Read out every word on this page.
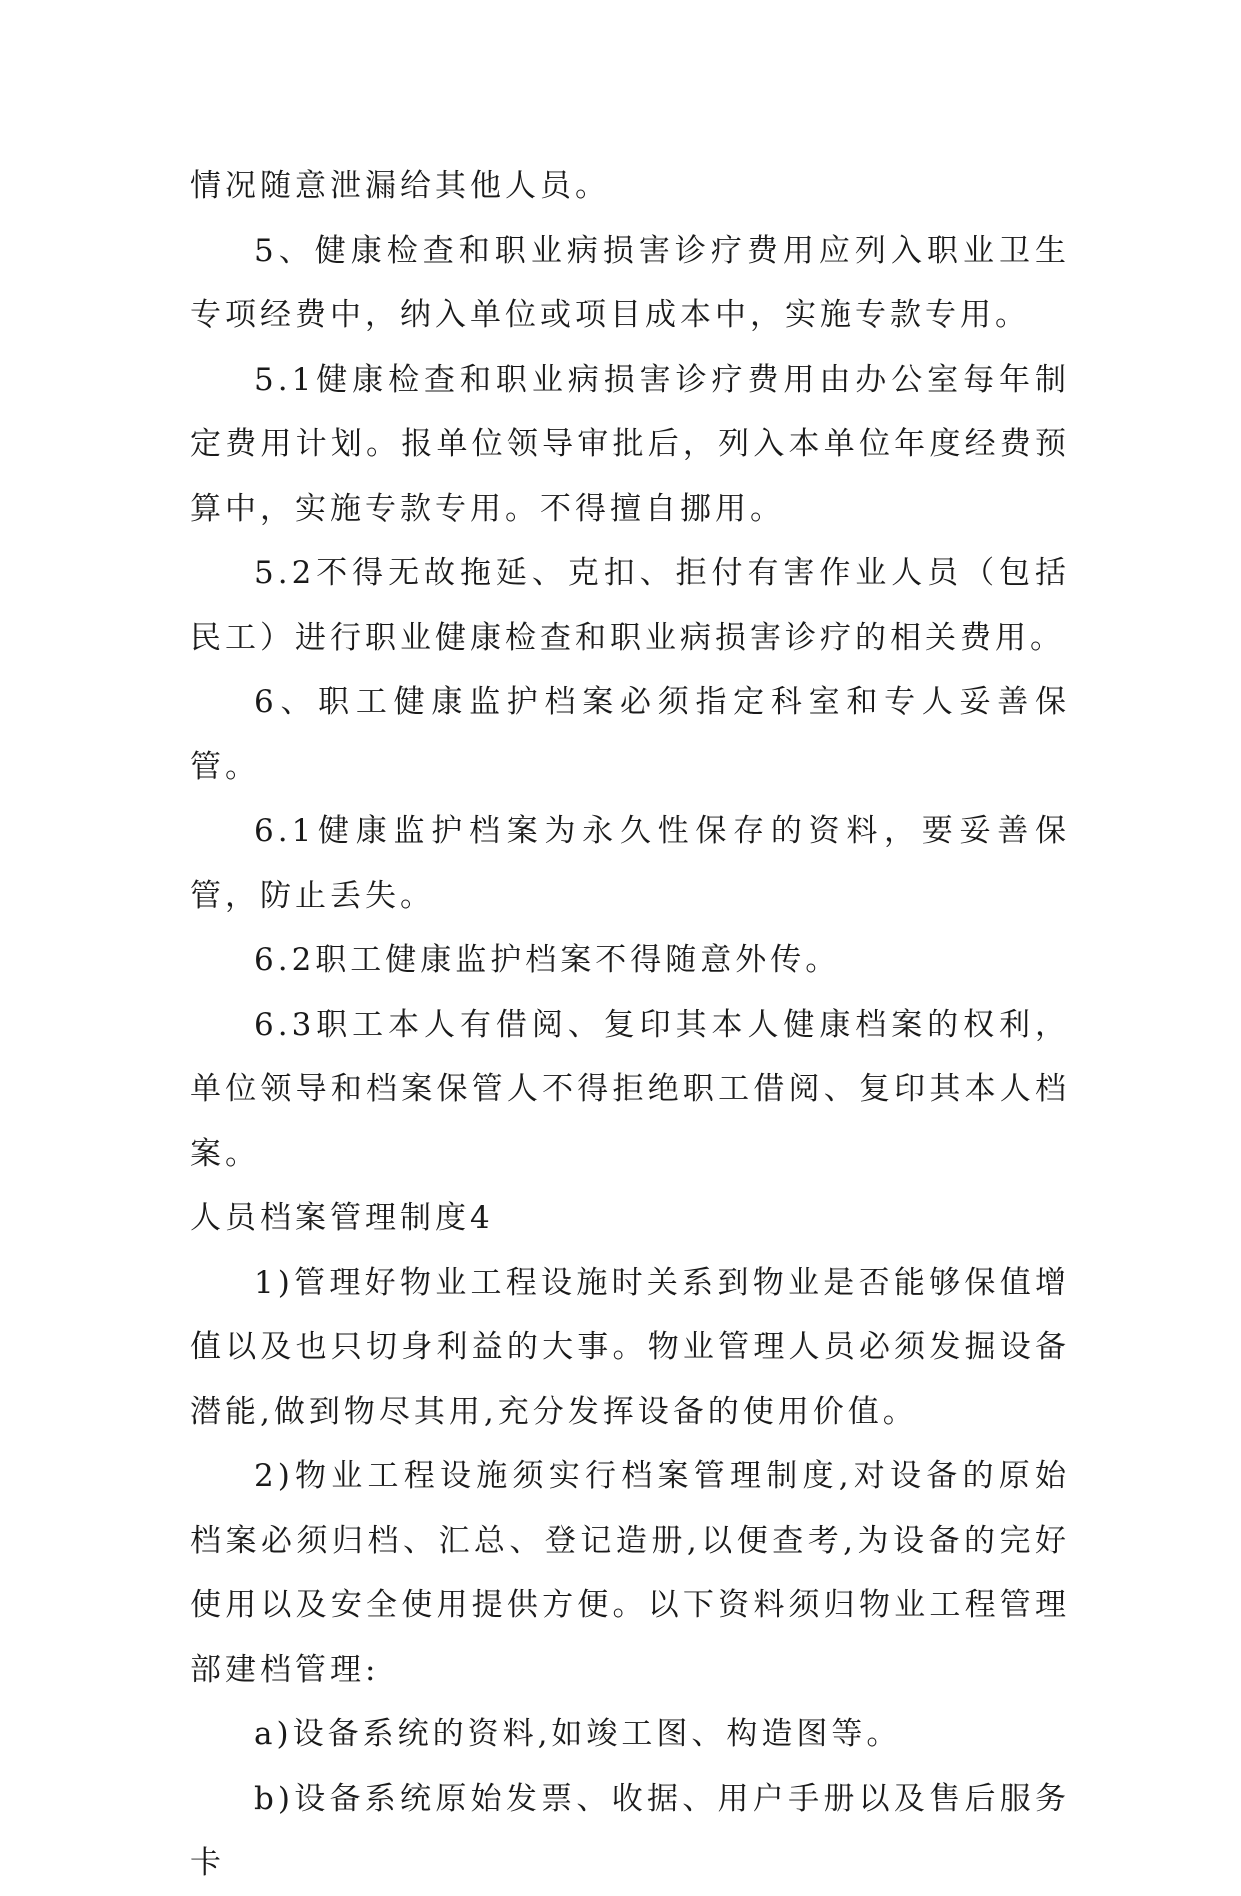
情况随意泄漏给其他人员。

5、健康检查和职业病损害诊疗费用应列入职业卫生专项经费中，纳入单位或项目成本中，实施专款专用。

5.1健康检查和职业病损害诊疗费用由办公室每年制定费用计划。报单位领导审批后，列入本单位年度经费预算中，实施专款专用。不得擅自挪用。

5.2不得无故拖延、克扣、拒付有害作业人员（包括民工）进行职业健康检查和职业病损害诊疗的相关费用。

6、职工健康监护档案必须指定科室和专人妥善保管。

6.1健康监护档案为永久性保存的资料，要妥善保管，防止丢失。

6.2职工健康监护档案不得随意外传。

6.3职工本人有借阅、复印其本人健康档案的权利，单位领导和档案保管人不得拒绝职工借阅、复印其本人档案。

人员档案管理制度4

1)管理好物业工程设施时关系到物业是否能够保值增值以及也只切身利益的大事。物业管理人员必须发掘设备潜能,做到物尽其用,充分发挥设备的使用价值。

2)物业工程设施须实行档案管理制度,对设备的原始档案必须归档、汇总、登记造册,以便查考,为设备的完好使用以及安全使用提供方便。以下资料须归物业工程管理部建档管理:

a)设备系统的资料,如竣工图、构造图等。

b)设备系统原始发票、收据、用户手册以及售后服务卡
